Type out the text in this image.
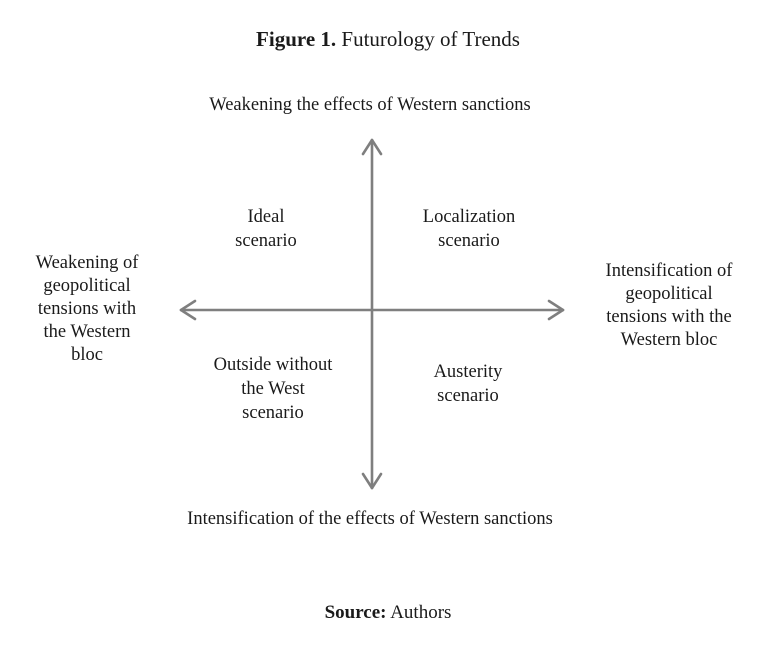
Figure 1. Futurology of Trends
Weakening the effects of Western sanctions
Intensification of the effects of Western sanctions
Weakening of
geopolitical
tensions with
the Western
bloc
Intensification of
geopolitical
tensions with the
Western bloc
Ideal
scenario
Localization
scenario
Outside without
the West
scenario
Austerity
scenario
Source: Authors
